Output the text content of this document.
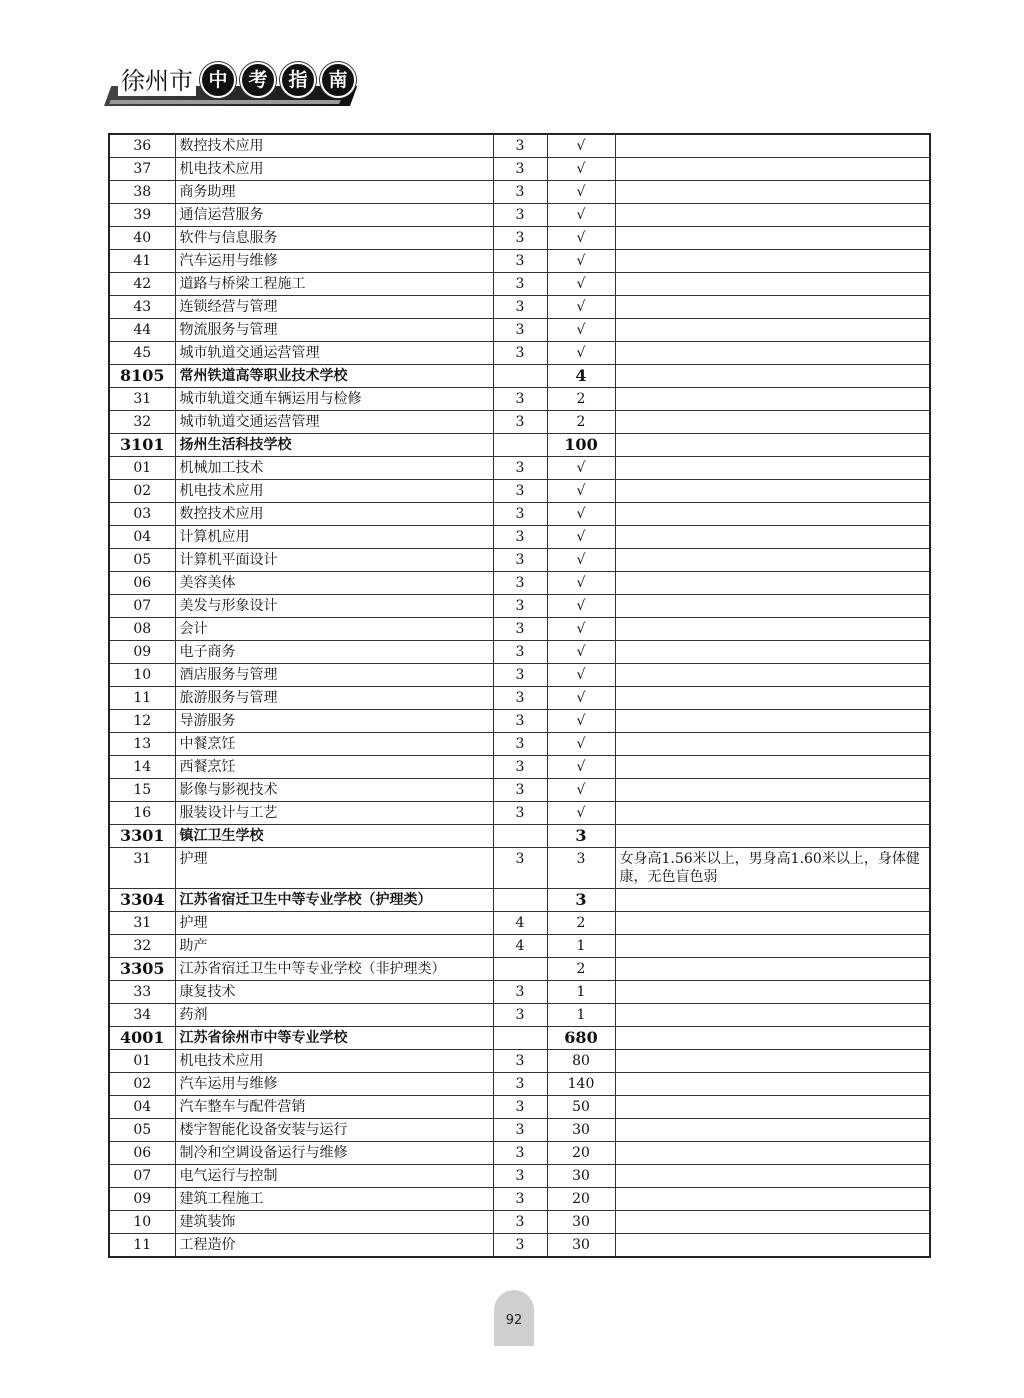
徐州市 中	考	指	南
36	数控技术应用	3	√	
37	机电技术应用	3	√	
38	商务助理	3	√	
39	通信运营服务	3	√	
40	软件与信息服务	3	√	
41	汽车运用与维修	3	√	
42	道路与桥梁工程施工	3	√	
43	连锁经营与管理	3	√	
44	物流服务与管理	3	√	
45	城市轨道交通运营管理	3	√	
8105	常州铁道高等职业技术学校		4	
31	城市轨道交通车辆运用与检修	3	2	
32	城市轨道交通运营管理	3	2	
3101	扬州生活科技学校		100	
01	机械加工技术	3	√	
02	机电技术应用	3	√	
03	数控技术应用	3	√	
04	计算机应用	3	√	
05	计算机平面设计	3	√	
06	美容美体	3	√	
07	美发与形象设计	3	√	
08	会计	3	√	
09	电子商务	3	√	
10	酒店服务与管理	3	√	
11	旅游服务与管理	3	√	
12	导游服务	3	√	
13	中餐烹饪	3	√	
14	西餐烹饪	3	√	
15	影像与影视技术	3	√	
16	服装设计与工艺	3	√	
3301	镇江卫生学校		3	
31	护理	3	3	女身高1.56米以上，男身高1.60米以上，身体健康，无色盲色弱
3304	江苏省宿迁卫生中等专业学校（护理类）		3	
31	护理	4	2	
32	助产	4	1	
3305	江苏省宿迁卫生中等专业学校（非护理类）		2	
33	康复技术	3	1	
34	药剂	3	1	
4001	江苏省徐州市中等专业学校		680	
01	机电技术应用	3	80	
02	汽车运用与维修	3	140	
04	汽车整车与配件营销	3	50	
05	楼宇智能化设备安装与运行	3	30	
06	制冷和空调设备运行与维修	3	20	
07	电气运行与控制	3	30	
09	建筑工程施工	3	20	
10	建筑装饰	3	30	
11	工程造价	3	30	
92
